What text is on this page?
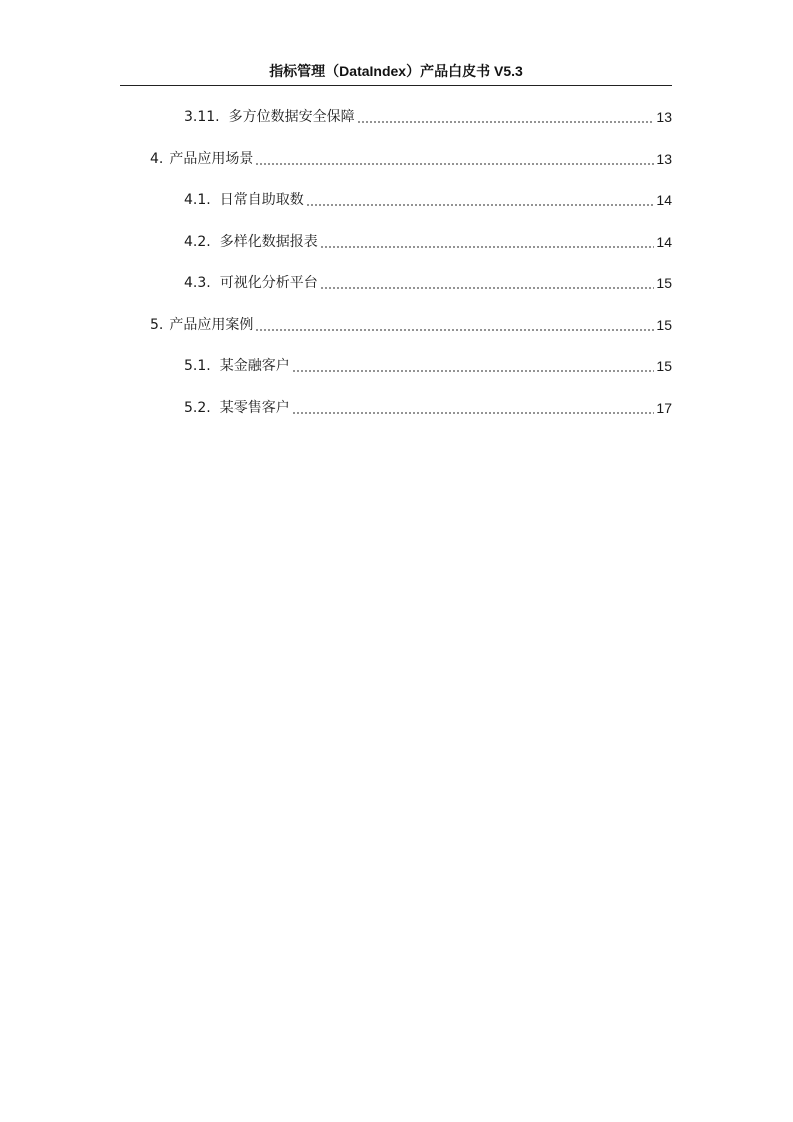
指标管理（DataIndex）产品白皮书 V5.3
3.11. 多方位数据安全保障	13
4. 产品应用场景	13
4.1. 日常自助取数	14
4.2. 多样化数据报表	14
4.3. 可视化分析平台	15
5. 产品应用案例	15
5.1. 某金融客户	15
5.2. 某零售客户	17
